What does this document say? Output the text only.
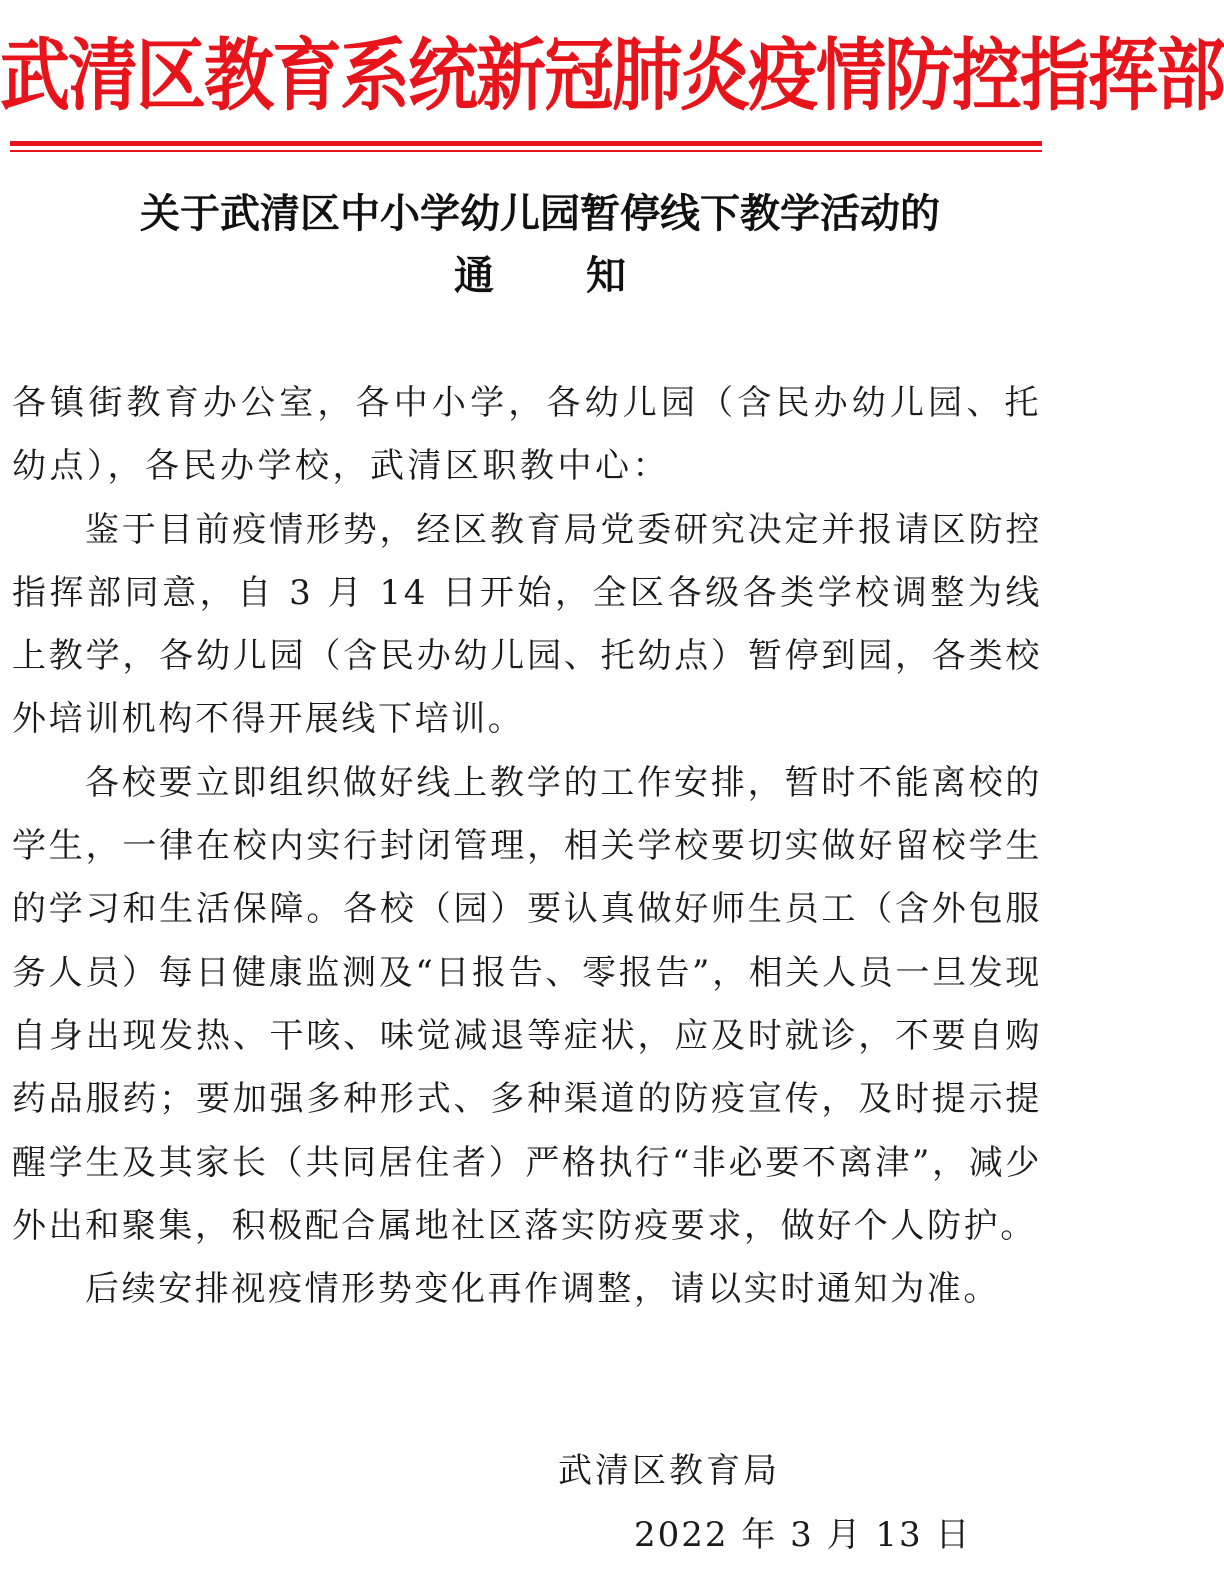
武清区教育系统新冠肺炎疫情防控指挥部
关于武清区中小学幼儿园暂停线下教学活动的
通 知

各镇街教育办公室，各中小学，各幼儿园（含民办幼儿园、托幼点），各民办学校，武清区职教中心：

鉴于目前疫情形势，经区教育局党委研究决定并报请区防控指挥部同意，自 3 月 14 日开始，全区各级各类学校调整为线上教学，各幼儿园（含民办幼儿园、托幼点）暂停到园，各类校外培训机构不得开展线下培训。

各校要立即组织做好线上教学的工作安排，暂时不能离校的学生，一律在校内实行封闭管理，相关学校要切实做好留校学生的学习和生活保障。各校（园）要认真做好师生员工（含外包服务人员）每日健康监测及“日报告、零报告”，相关人员一旦发现自身出现发热、干咳、味觉减退等症状，应及时就诊，不要自购药品服药；要加强多种形式、多种渠道的防疫宣传，及时提示提醒学生及其家长（共同居住者）严格执行“非必要不离津”，减少外出和聚集，积极配合属地社区落实防疫要求，做好个人防护。

后续安排视疫情形势变化再作调整，请以实时通知为准。

武清区教育局
2022 年 3 月 13 日
